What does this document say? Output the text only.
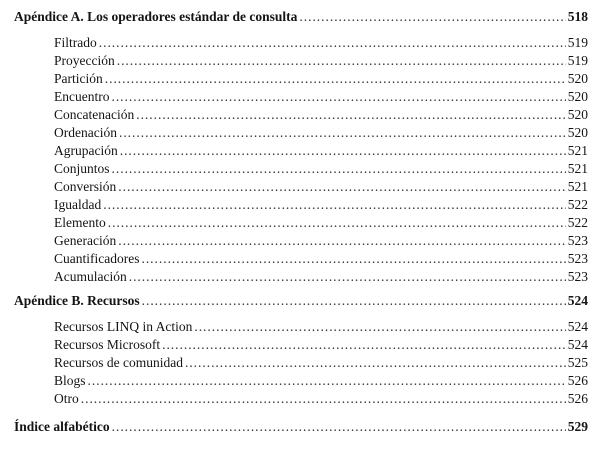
Apéndice A. Los operadores estándar de consulta . . .	518
Filtrado . . .	519
Proyección . . .	519
Partición . . .	520
Encuentro . . .	520
Concatenación . . .	520
Ordenación . . .	520
Agrupación . . .	521
Conjuntos . . .	521
Conversión . . .	521
Igualdad . . .	522
Elemento . . .	522
Generación . . .	523
Cuantificadores . . .	523
Acumulación . . .	523
Apéndice B. Recursos . . .	524
Recursos LINQ in Action . . .	524
Recursos Microsoft . . .	524
Recursos de comunidad . . .	525
Blogs . . .	526
Otro . . .	526
Índice alfabético . . .	529
